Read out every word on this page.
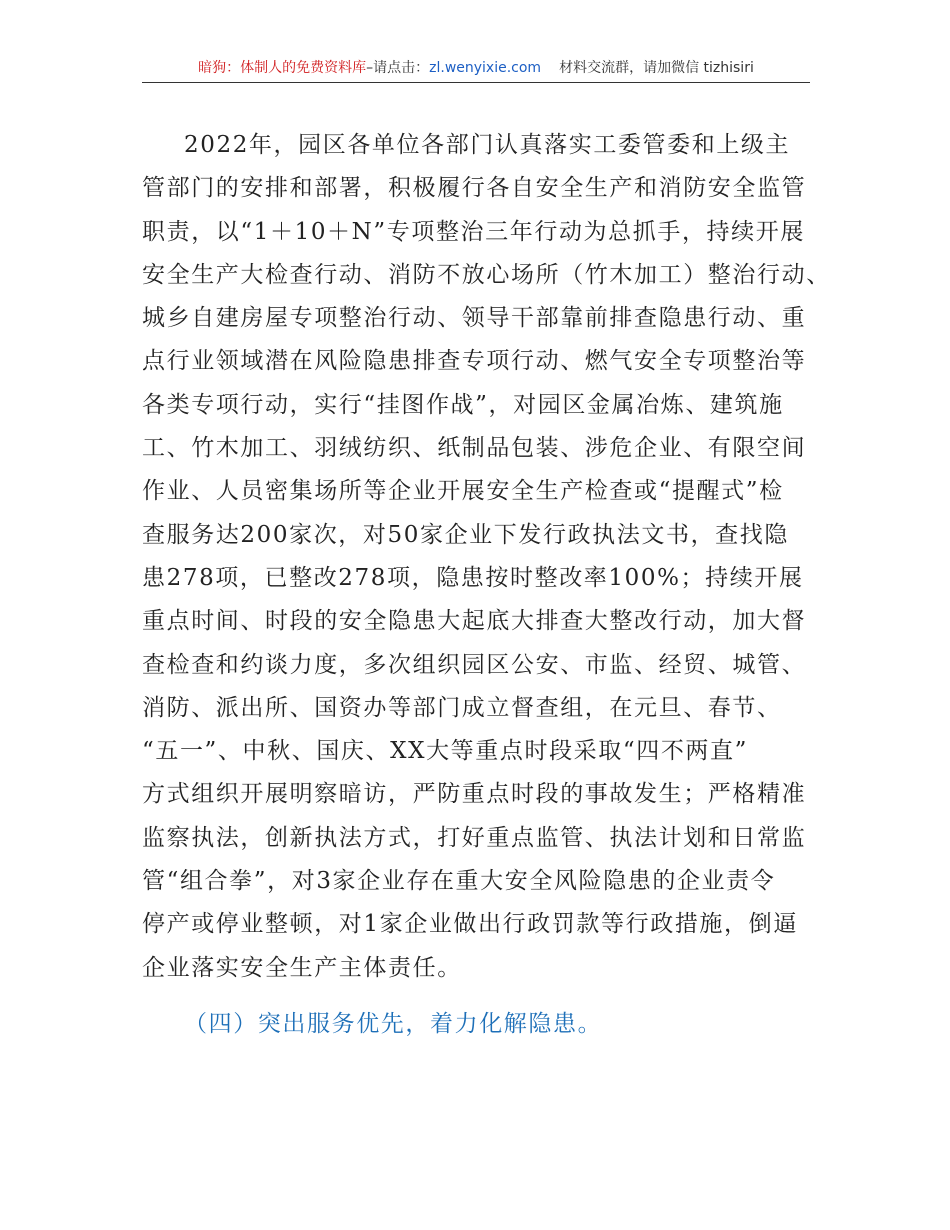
暗狗：体制人的免费资料库–请点击：zl.wenyixie.com 材料交流群，请加微信 tizhisiri

2022年，园区各单位各部门认真落实工委管委和上级主
管部门的安排和部署，积极履行各自安全生产和消防安全监管
职责，以“1＋10＋N”专项整治三年行动为总抓手，持续开展
安全生产大检查行动、消防不放心场所（竹木加工）整治行动、
城乡自建房屋专项整治行动、领导干部靠前排查隐患行动、重
点行业领域潜在风险隐患排查专项行动、燃气安全专项整治等
各类专项行动，实行“挂图作战”，对园区金属冶炼、建筑施
工、竹木加工、羽绒纺织、纸制品包装、涉危企业、有限空间
作业、人员密集场所等企业开展安全生产检查或“提醒式”检
查服务达200家次，对50家企业下发行政执法文书，查找隐
患278项，已整改278项，隐患按时整改率100%；持续开展
重点时间、时段的安全隐患大起底大排查大整改行动，加大督
查检查和约谈力度，多次组织园区公安、市监、经贸、城管、
消防、派出所、国资办等部门成立督查组，在元旦、春节、
“五一”、中秋、国庆、XX大等重点时段采取“四不两直”
方式组织开展明察暗访，严防重点时段的事故发生；严格精准
监察执法，创新执法方式，打好重点监管、执法计划和日常监
管“组合拳”，对3家企业存在重大安全风险隐患的企业责令
停产或停业整顿，对1家企业做出行政罚款等行政措施，倒逼
企业落实安全生产主体责任。

（四）突出服务优先，着力化解隐患。
